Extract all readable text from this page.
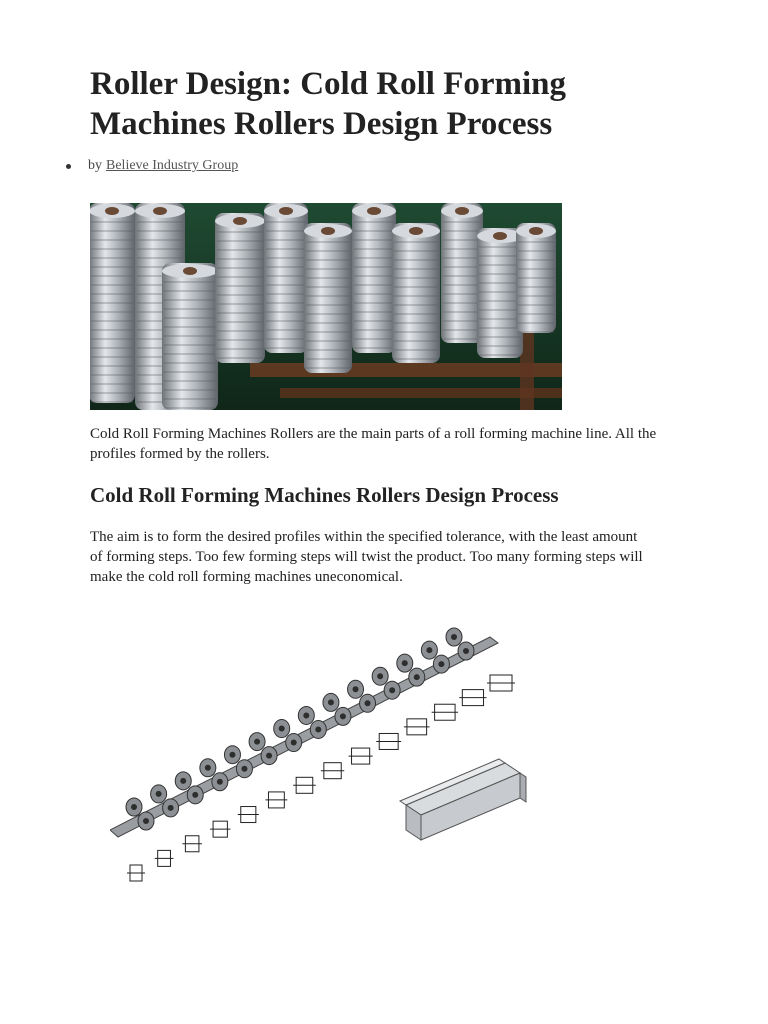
Roller Design: Cold Roll Forming Machines Rollers Design Process
by Believe Industry Group

Cold Roll Forming Machines Rollers are the main parts of a roll forming machine line. All the profiles formed by the rollers.

Cold Roll Forming Machines Rollers Design Process

The aim is to form the desired profiles within the specified tolerance, with the least amount of forming steps. Too few forming steps will twist the product. Too many forming steps will make the cold roll forming machines uneconomical.
